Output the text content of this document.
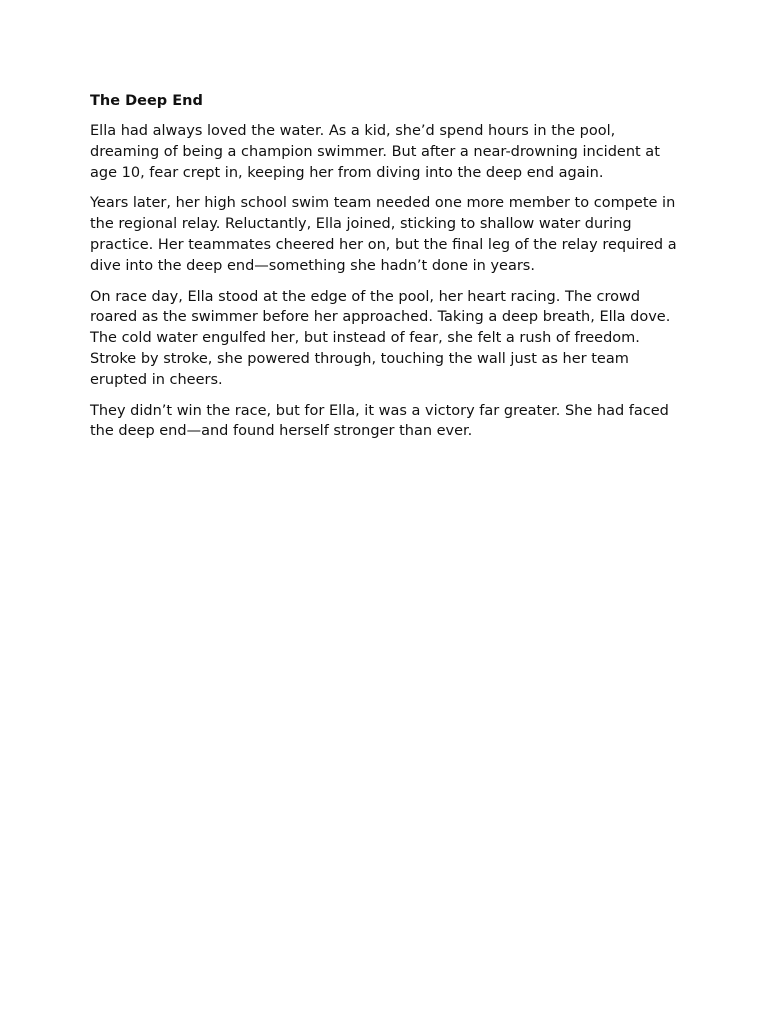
The Deep End

Ella had always loved the water. As a kid, she’d spend hours in the pool, dreaming of being a champion swimmer. But after a near-drowning incident at age 10, fear crept in, keeping her from diving into the deep end again.

Years later, her high school swim team needed one more member to compete in the regional relay. Reluctantly, Ella joined, sticking to shallow water during practice. Her teammates cheered her on, but the final leg of the relay required a dive into the deep end—something she hadn’t done in years.

On race day, Ella stood at the edge of the pool, her heart racing. The crowd roared as the swimmer before her approached. Taking a deep breath, Ella dove. The cold water engulfed her, but instead of fear, she felt a rush of freedom. Stroke by stroke, she powered through, touching the wall just as her team erupted in cheers.

They didn’t win the race, but for Ella, it was a victory far greater. She had faced the deep end—and found herself stronger than ever.
